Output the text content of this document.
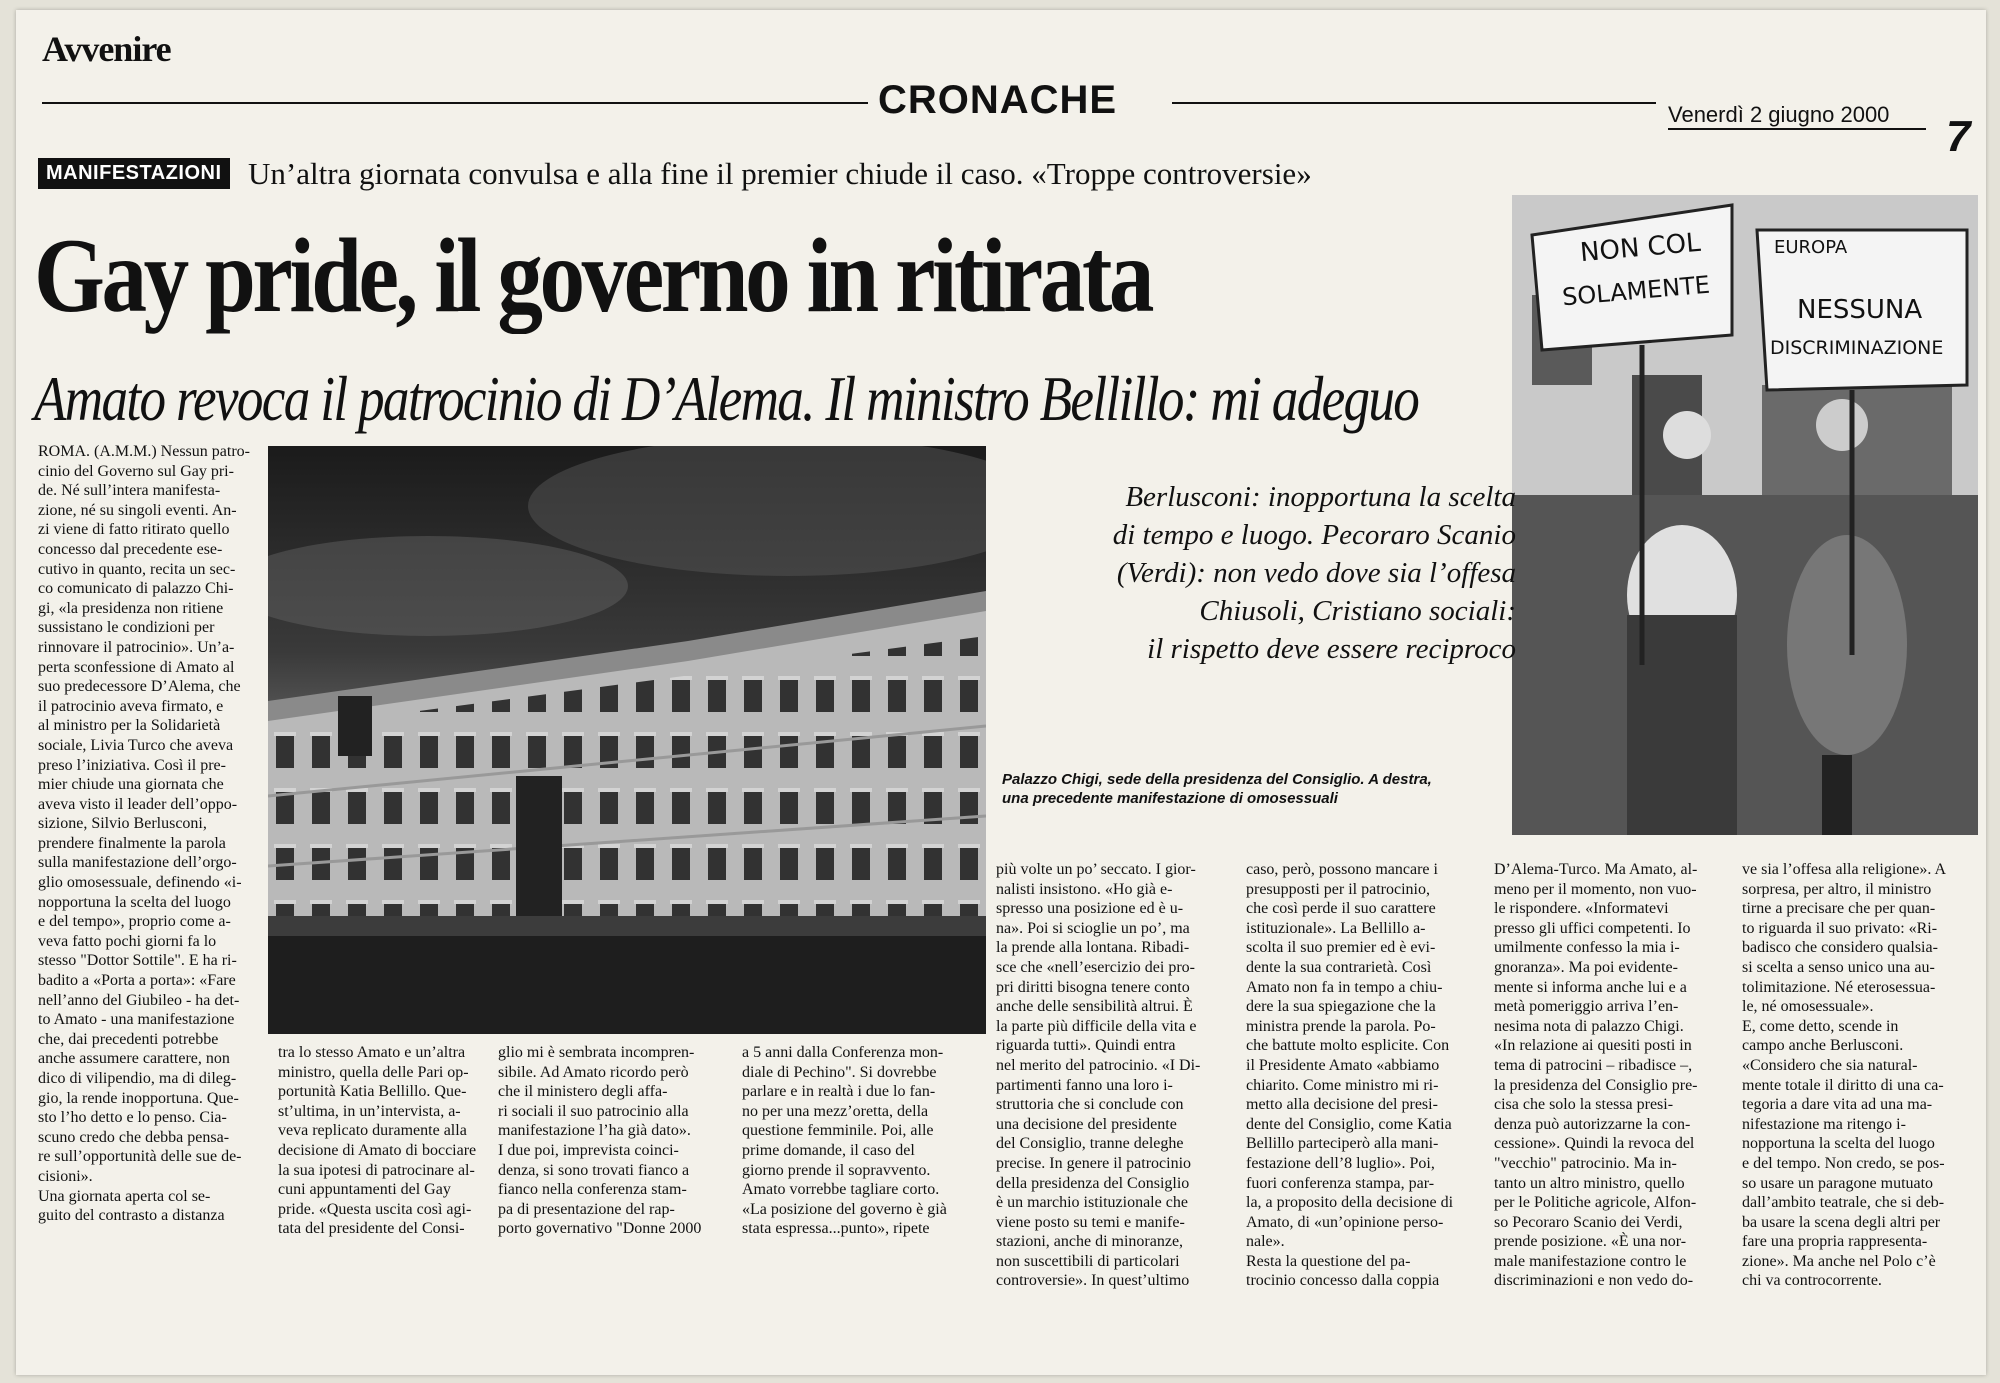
Avvenire
CRONACHE	Venerdì 2 giugno 2000 7
MANIFESTAZIONI Un’altra giornata convulsa e alla fine il premier chiude il caso. «Troppe controversie»
Gay pride, il governo in ritirata
Amato revoca il patrocinio di D’Alema. Il ministro Bellillo: mi adeguo
NON COL
SOLAMENTE
EUROPA
NESSUNA
DISCRIMINAZIONE
Berlusconi: inopportuna la scelta
di tempo e luogo. Pecoraro Scanio
(Verdi): non vedo dove sia l’offesa
Chiusoli, Cristiano sociali:
il rispetto deve essere reciproco
Palazzo Chigi, sede della presidenza del Consiglio. A destra,
una precedente manifestazione di omosessuali
ROMA. (A.M.M.) Nessun patro-
cinio del Governo sul Gay pri-
de. Né sull’intera manifesta-
zione, né su singoli eventi. An-
zi viene di fatto ritirato quello
concesso dal precedente ese-
cutivo in quanto, recita un sec-
co comunicato di palazzo Chi-
gi, «la presidenza non ritiene
sussistano le condizioni per
rinnovare il patrocinio». Un’a-
perta sconfessione di Amato al
suo predecessore D’Alema, che
il patrocinio aveva firmato, e
al ministro per la Solidarietà
sociale, Livia Turco che aveva
preso l’iniziativa. Così il pre-
mier chiude una giornata che
aveva visto il leader dell’oppo-
sizione, Silvio Berlusconi,
prendere finalmente la parola
sulla manifestazione dell’orgo-
glio omosessuale, definendo «i-
nopportuna la scelta del luogo
e del tempo», proprio come a-
veva fatto pochi giorni fa lo
stesso "Dottor Sottile". E ha ri-
badito a «Porta a porta»: «Fare
nell’anno del Giubileo - ha det-
to Amato - una manifestazione
che, dai precedenti potrebbe
anche assumere carattere, non
dico di vilipendio, ma di dileg-
gio, la rende inopportuna. Que-
sto l’ho detto e lo penso. Cia-
scuno credo che debba pensa-
re sull’opportunità delle sue de-
cisioni».
Una giornata aperta col se-
guito del contrasto a distanza
tra lo stesso Amato e un’altra
ministro, quella delle Pari op-
portunità Katia Bellillo. Que-
st’ultima, in un’intervista, a-
veva replicato duramente alla
decisione di Amato di bocciare
la sua ipotesi di patrocinare al-
cuni appuntamenti del Gay
pride. «Questa uscita così agi-
tata del presidente del Consi-
glio mi è sembrata incompren-
sibile. Ad Amato ricordo però
che il ministero degli affa-
ri sociali il suo patrocinio alla
manifestazione l’ha già dato».
I due poi, imprevista coinci-
denza, si sono trovati fianco a
fianco nella conferenza stam-
pa di presentazione del rap-
porto governativo "Donne 2000
a 5 anni dalla Conferenza mon-
diale di Pechino". Si dovrebbe
parlare e in realtà i due lo fan-
no per una mezz’oretta, della
questione femminile. Poi, alle
prime domande, il caso del
giorno prende il sopravvento.
Amato vorrebbe tagliare corto.
«La posizione del governo è già
stata espressa...punto», ripete
più volte un po’ seccato. I gior-
nalisti insistono. «Ho già e-
spresso una posizione ed è u-
na». Poi si scioglie un po’, ma
la prende alla lontana. Ribadi-
sce che «nell’esercizio dei pro-
pri diritti bisogna tenere conto
anche delle sensibilità altrui. È
la parte più difficile della vita e
riguarda tutti». Quindi entra
nel merito del patrocinio. «I Di-
partimenti fanno una loro i-
struttoria che si conclude con
una decisione del presidente
del Consiglio, tranne deleghe
precise. In genere il patrocinio
della presidenza del Consiglio
è un marchio istituzionale che
viene posto su temi e manife-
stazioni, anche di minoranze,
non suscettibili di particolari
controversie». In quest’ultimo
caso, però, possono mancare i
presupposti per il patrocinio,
che così perde il suo carattere
istituzionale». La Bellillo a-
scolta il suo premier ed è evi-
dente la sua contrarietà. Così
Amato non fa in tempo a chiu-
dere la sua spiegazione che la
ministra prende la parola. Po-
che battute molto esplicite. Con
il Presidente Amato «abbiamo
chiarito. Come ministro mi ri-
metto alla decisione del presi-
dente del Consiglio, come Katia
Bellillo parteciperò alla mani-
festazione dell’8 luglio». Poi,
fuori conferenza stampa, par-
la, a proposito della decisione di
Amato, di «un’opinione perso-
nale».
Resta la questione del pa-
trocinio concesso dalla coppia
D’Alema-Turco. Ma Amato, al-
meno per il momento, non vuo-
le rispondere. «Informatevi
presso gli uffici competenti. Io
umilmente confesso la mia i-
gnoranza». Ma poi evidente-
mente si informa anche lui e a
metà pomeriggio arriva l’en-
nesima nota di palazzo Chigi.
«In relazione ai quesiti posti in
tema di patrocini – ribadisce –,
la presidenza del Consiglio pre-
cisa che solo la stessa presi-
denza può autorizzarne la con-
cessione». Quindi la revoca del
"vecchio" patrocinio. Ma in-
tanto un altro ministro, quello
per le Politiche agricole, Alfon-
so Pecoraro Scanio dei Verdi,
prende posizione. «È una nor-
male manifestazione contro le
discriminazioni e non vedo do-
ve sia l’offesa alla religione». A
sorpresa, per altro, il ministro
tirne a precisare che per quan-
to riguarda il suo privato: «Ri-
badisco che considero qualsia-
si scelta a senso unico una au-
tolimitazione. Né eterosessua-
le, né omosessuale».
E, come detto, scende in
campo anche Berlusconi.
«Considero che sia natural-
mente totale il diritto di una ca-
tegoria a dare vita ad una ma-
nifestazione ma ritengo i-
nopportuna la scelta del luogo
e del tempo. Non credo, se pos-
so usare un paragone mutuato
dall’ambito teatrale, che si deb-
ba usare la scena degli altri per
fare una propria rappresenta-
zione». Ma anche nel Polo c’è
chi va controcorrente.
